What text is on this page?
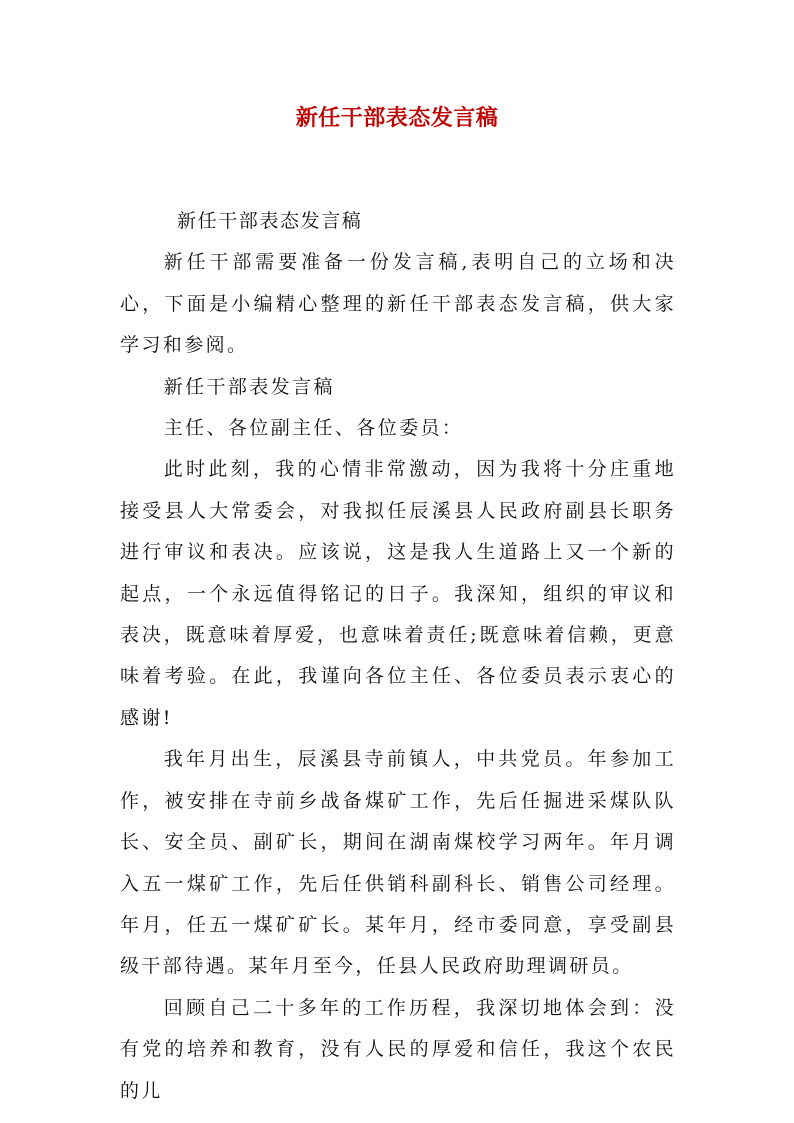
新任干部表态发言稿

新任干部表态发言稿

新任干部需要准备一份发言稿,表明自己的立场和决心，下面是小编精心整理的新任干部表态发言稿，供大家学习和参阅。

新任干部表发言稿

主任、各位副主任、各位委员：

此时此刻，我的心情非常激动，因为我将十分庄重地接受县人大常委会，对我拟任辰溪县人民政府副县长职务进行审议和表决。应该说，这是我人生道路上又一个新的起点，一个永远值得铭记的日子。我深知，组织的审议和表决，既意味着厚爱，也意味着责任;既意味着信赖，更意味着考验。在此，我谨向各位主任、各位委员表示衷心的感谢!

我年月出生，辰溪县寺前镇人，中共党员。年参加工作，被安排在寺前乡战备煤矿工作，先后任掘进采煤队队长、安全员、副矿长，期间在湖南煤校学习两年。年月调入五一煤矿工作，先后任供销科副科长、销售公司经理。年月，任五一煤矿矿长。某年月，经市委同意，享受副县级干部待遇。某年月至今，任县人民政府助理调研员。

回顾自己二十多年的工作历程，我深切地体会到：没有党的培养和教育，没有人民的厚爱和信任，我这个农民的儿
